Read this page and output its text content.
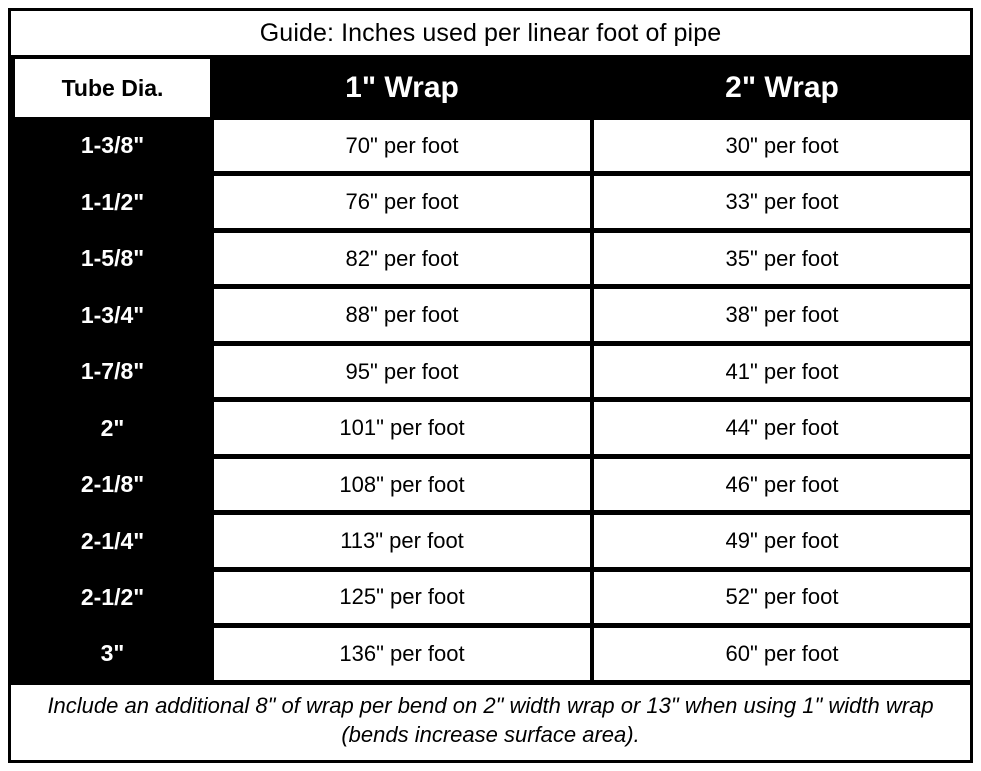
Guide: Inches used per linear foot of pipe
Tube Dia.	1" Wrap	2" Wrap
1-3/8"	70" per foot	30" per foot
1-1/2"	76" per foot	33" per foot
1-5/8"	82" per foot	35" per foot
1-3/4"	88" per foot	38" per foot
1-7/8"	95" per foot	41" per foot
2"	101" per foot	44" per foot
2-1/8"	108" per foot	46" per foot
2-1/4"	113" per foot	49" per foot
2-1/2"	125" per foot	52" per foot
3"	136" per foot	60" per foot
Include an additional 8" of wrap per bend on 2" width wrap or 13" when using 1" width wrap (bends increase surface area).
